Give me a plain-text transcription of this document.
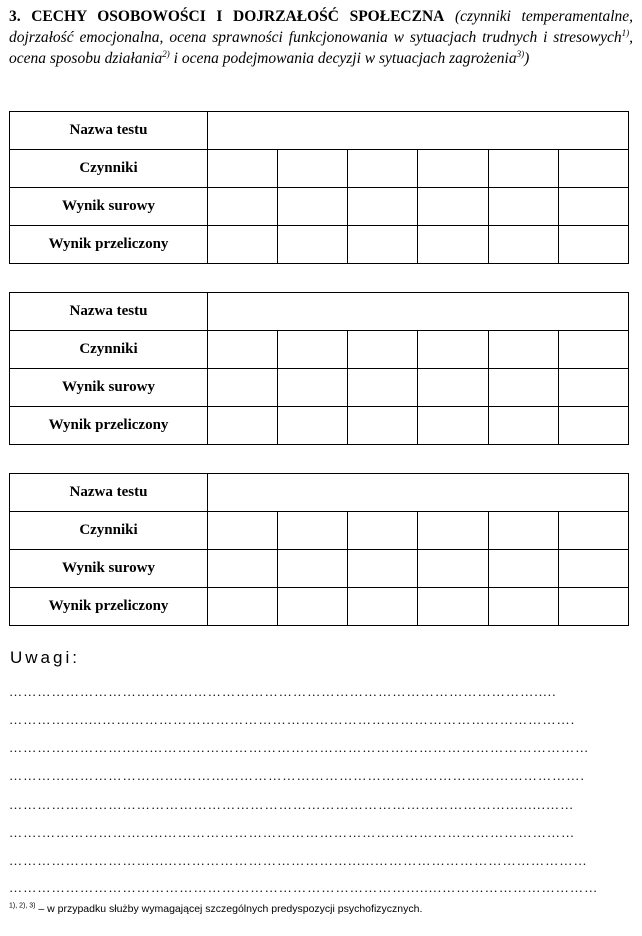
3. CECHY OSOBOWOŚCI I DOJRZAŁOŚĆ SPOŁECZNA (czynniki temperamentalne, dojrzałość emocjonalna, ocena sprawności funkcjonowania w sytuacjach trudnych i stresowych$^{1)}$, ocena sposobu działania$^{2)}$ i ocena podejmowania decyzji w sytuacjach zagrożenia$^{3)}$)
Nazwa testu						
Czynniki						
Wynik surowy						
Wynik przeliczony						
Nazwa testu						
Czynniki						
Wynik surowy						
Wynik przeliczony						
Nazwa testu						
Czynniki						
Wynik surowy						
Wynik przeliczony						
Uwagi:
………………………………………………………………………………………………….....
…………….....……………………………………………………………………………………….
……………………......…………………………………………………………………………………
……………………………....………………………………………………………………………….
…………………………………………………………………………………………….........……
…….………………….....……………………………………………………………………………
…………………………......………………………………......………………………………………
…………………………………………………………………………........……………………………
$^{1), 2), 3)}$ – w przypadku służby wymagającej szczególnych predyspozycji psychofizycznych.
